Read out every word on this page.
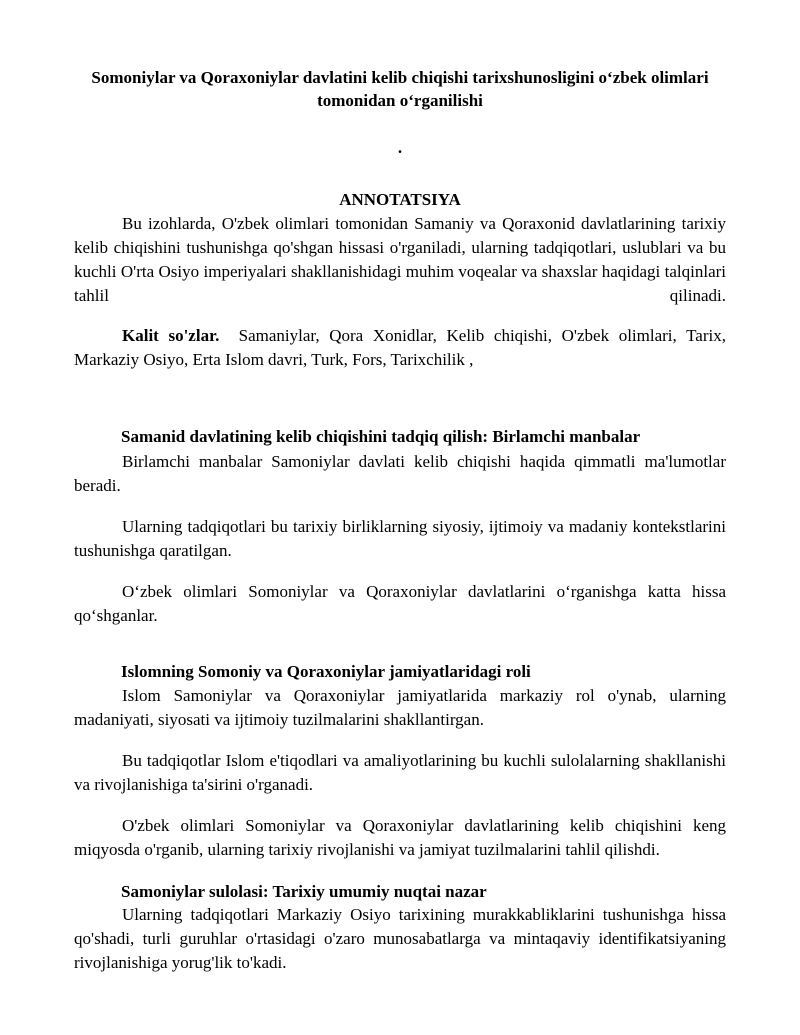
Somoniylar va Qoraxoniylar davlatini kelib chiqishi tarixshunosligini o‘zbek olimlari tomonidan o‘rganilishi
.
ANNOTATSIYA

Bu izohlarda, O'zbek olimlari tomonidan Samaniy va Qoraxonid davlatlarining tarixiy kelib chiqishini tushunishga qo'shgan hissasi o'rganiladi, ularning tadqiqotlari, uslublari va bu kuchli O'rta Osiyo imperiyalari shakllanishidagi muhim voqealar va shaxslar haqidagi talqinlari tahlil qilinadi.

Kalit so'zlar. Samaniylar, Qora Xonidlar, Kelib chiqishi, O'zbek olimlari, Tarix, Markaziy Osiyo, Erta Islom davri, Turk, Fors, Tarixchilik ,

Samanid davlatining kelib chiqishini tadqiq qilish: Birlamchi manbalar

Birlamchi manbalar Samoniylar davlati kelib chiqishi haqida qimmatli ma'lumotlar beradi.

Ularning tadqiqotlari bu tarixiy birliklarning siyosiy, ijtimoiy va madaniy kontekstlarini tushunishga qaratilgan.

O‘zbek olimlari Somoniylar va Qoraxoniylar davlatlarini o‘rganishga katta hissa qo‘shganlar.

Islomning Somoniy va Qoraxoniylar jamiyatlaridagi roli

Islom Samoniylar va Qoraxoniylar jamiyatlarida markaziy rol o'ynab, ularning madaniyati, siyosati va ijtimoiy tuzilmalarini shakllantirgan.

Bu tadqiqotlar Islom e'tiqodlari va amaliyotlarining bu kuchli sulolalarning shakllanishi va rivojlanishiga ta'sirini o'rganadi.

O'zbek olimlari Somoniylar va Qoraxoniylar davlatlarining kelib chiqishini keng miqyosda o'rganib, ularning tarixiy rivojlanishi va jamiyat tuzilmalarini tahlil qilishdi.

Samoniylar sulolasi: Tarixiy umumiy nuqtai nazar

Ularning tadqiqotlari Markaziy Osiyo tarixining murakkabliklarini tushunishga hissa qo'shadi, turli guruhlar o'rtasidagi o'zaro munosabatlarga va mintaqaviy identifikatsiyaning rivojlanishiga yorug'lik to'kadi.
